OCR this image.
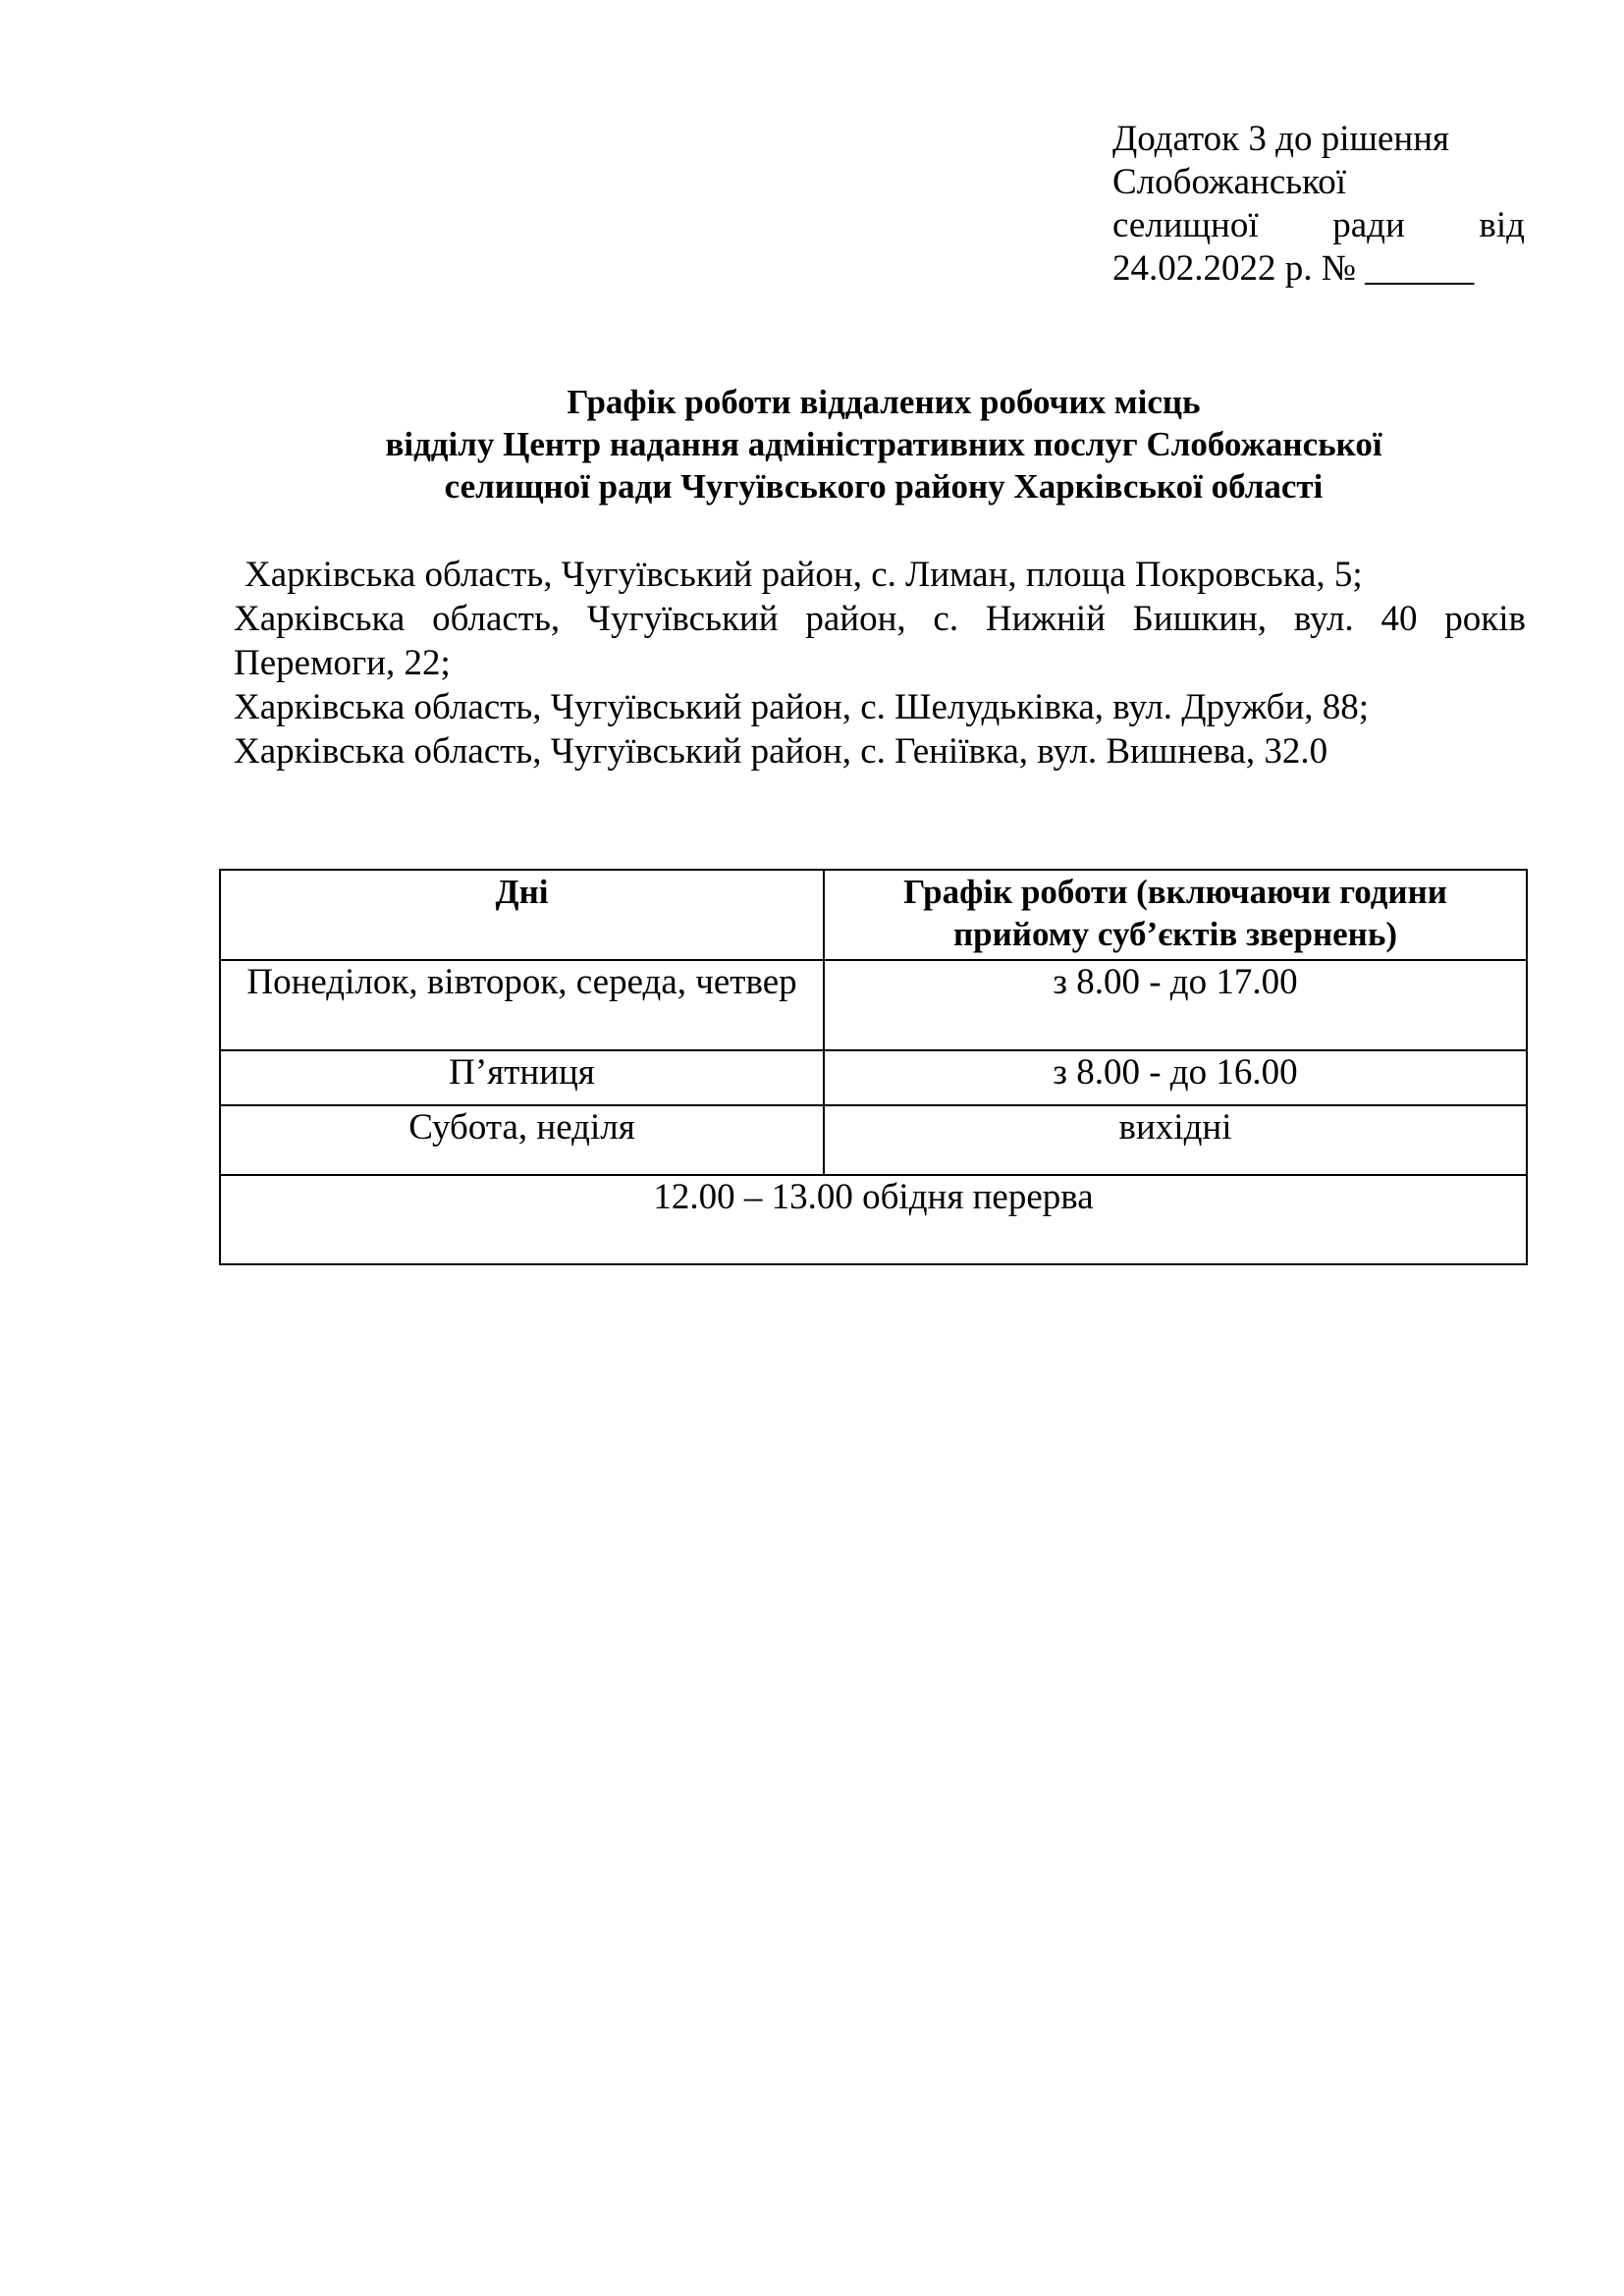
Додаток 3 до рішення
Слобожанської
селищної ради від
24.02.2022 р. № ______
Графік роботи віддалених робочих місць
відділу Центр надання адміністративних послуг Слобожанської
селищної ради Чугуївського району Харківської області
Харківська область, Чугуївський район, с. Лиман, площа Покровська, 5;
Харківська область, Чугуївський район, с. Нижній Бишкин, вул. 40 років Перемоги, 22;
Харківська область, Чугуївський район, с. Шелудьківка, вул. Дружби, 88;
Харківська область, Чугуївський район, с. Геніївка, вул. Вишнева, 32.0
Дні	Графік роботи (включаючи години прийому суб’єктів звернень)
Понеділок, вівторок, середа, четвер	з 8.00 - до 17.00
П’ятниця	з 8.00 - до 16.00
Субота, неділя	вихідні
12.00 – 13.00 обідня перерва	
